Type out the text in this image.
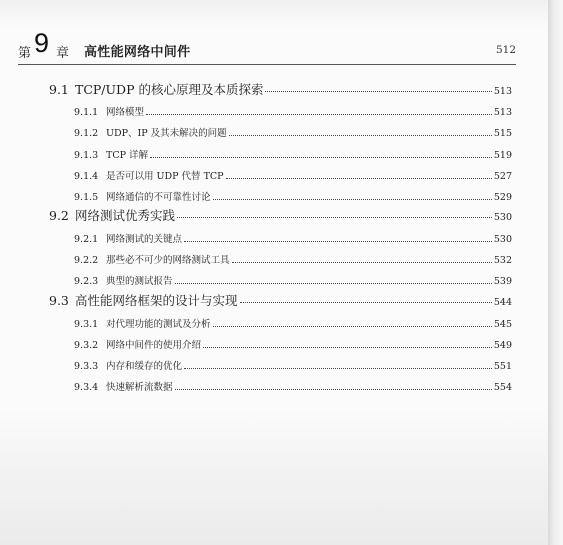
第 9 章 高性能网络中间件	512
9.1 TCP/UDP 的核心原理及本质探索	513
9.1.1 网络模型	513
9.1.2 UDP、IP 及其未解决的问题	515
9.1.3 TCP 详解	519
9.1.4 是否可以用 UDP 代替 TCP	527
9.1.5 网络通信的不可靠性讨论	529
9.2 网络测试优秀实践	530
9.2.1 网络测试的关键点	530
9.2.2 那些必不可少的网络测试工具	532
9.2.3 典型的测试报告	539
9.3 高性能网络框架的设计与实现	544
9.3.1 对代理功能的测试及分析	545
9.3.2 网络中间件的使用介绍	549
9.3.3 内存和缓存的优化	551
9.3.4 快速解析流数据	554
